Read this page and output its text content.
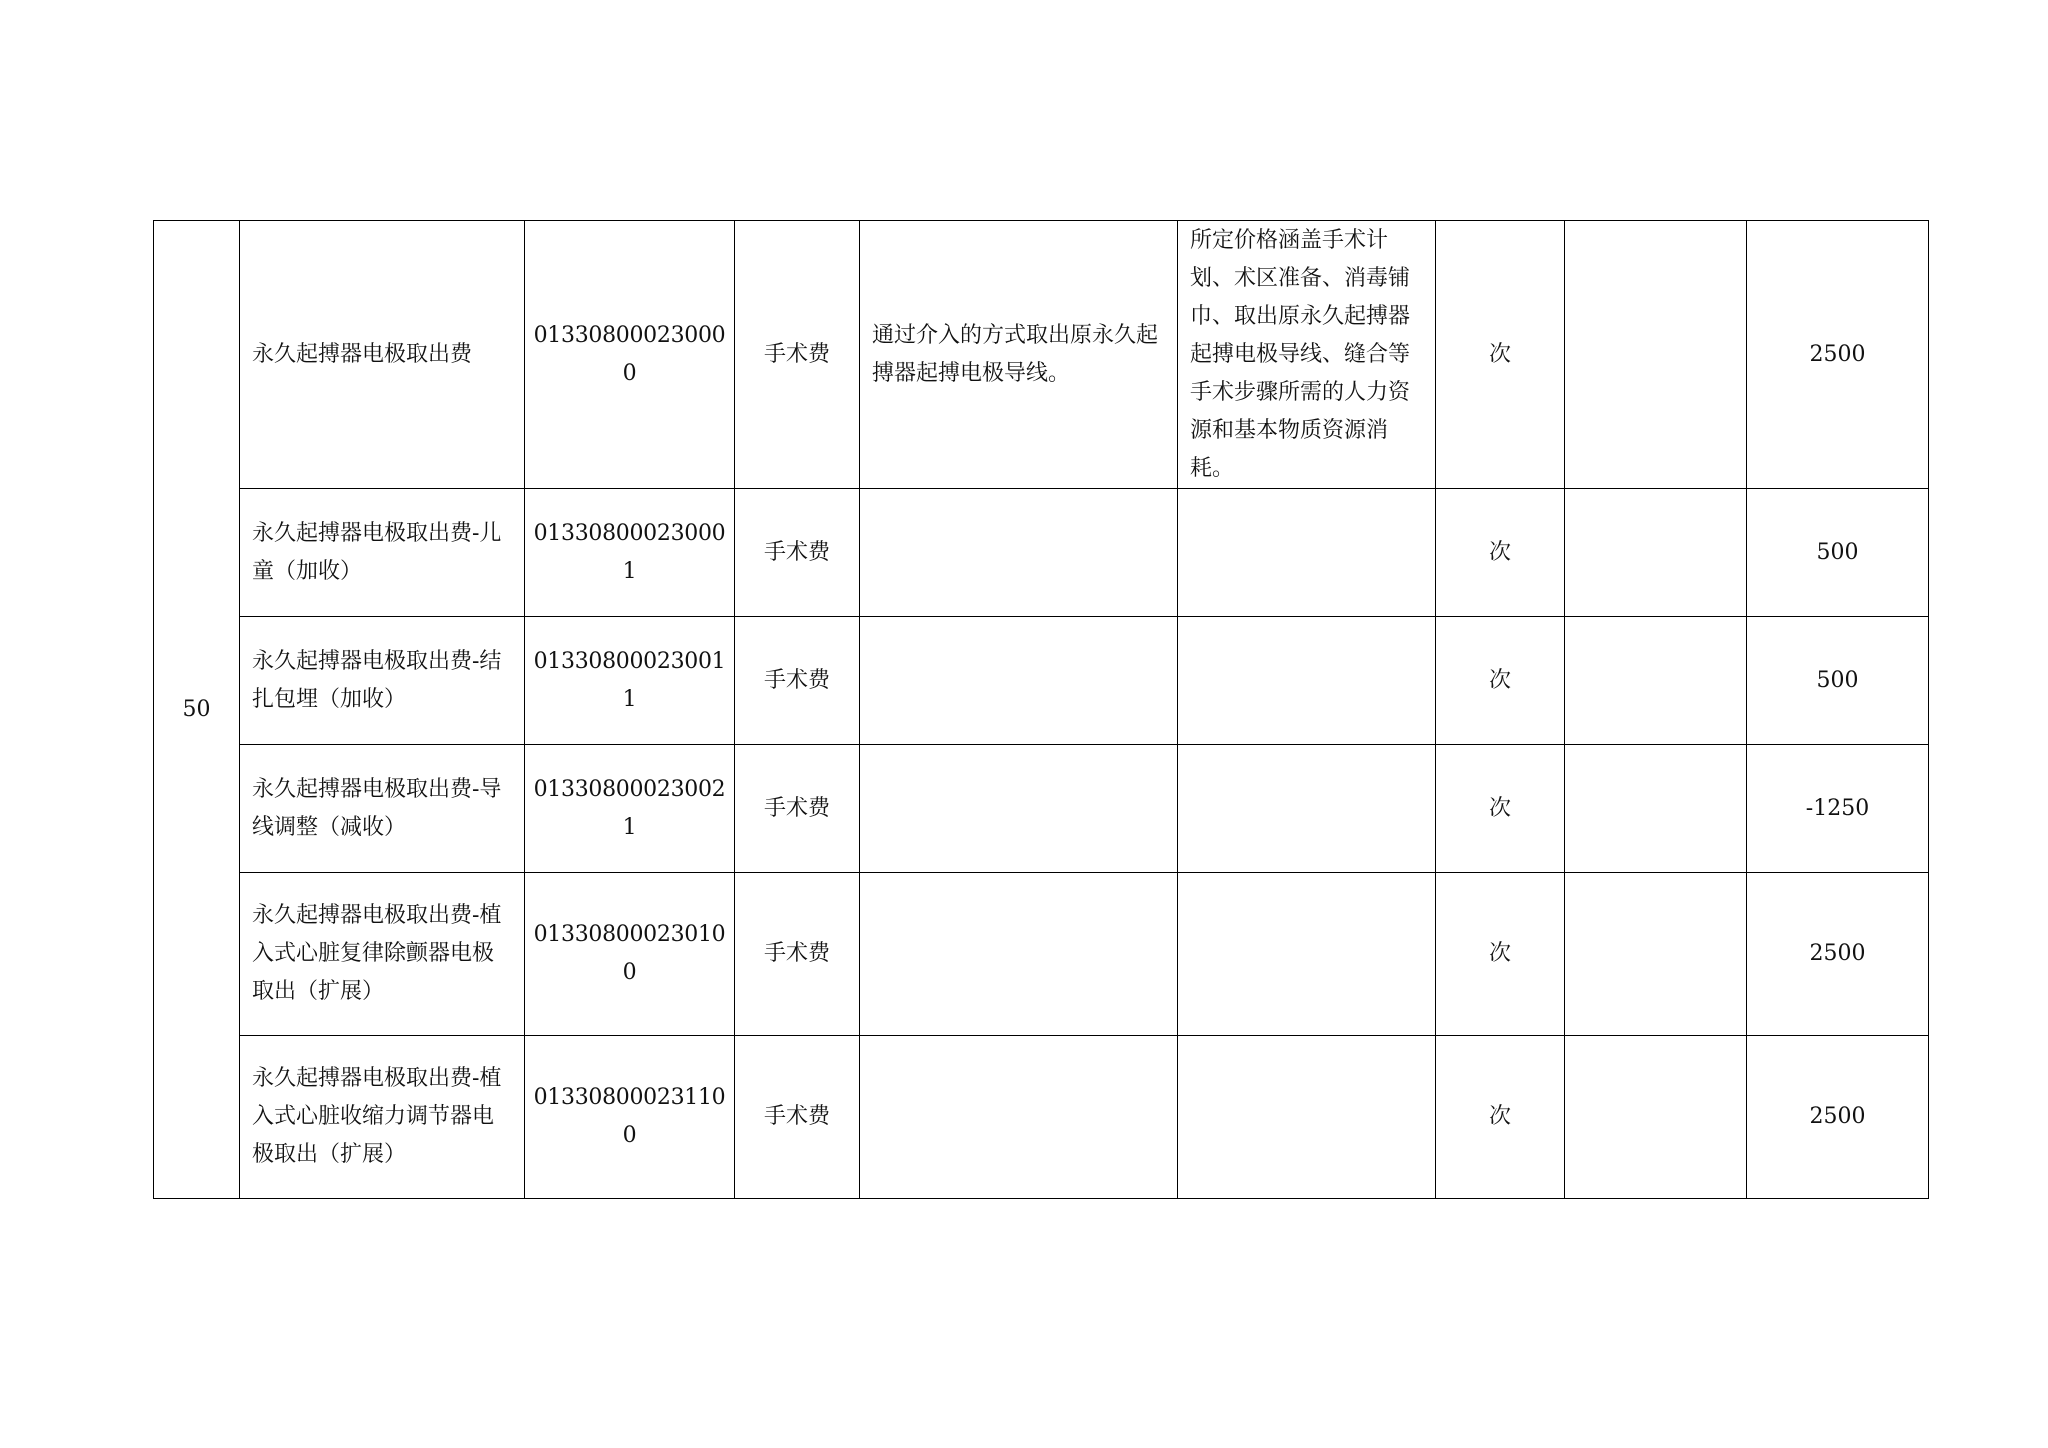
50	永久起搏器电极取出费	013308000230000	手术费	通过介入的方式取出原永久起搏器起搏电极导线。	所定价格涵盖手术计划、术区准备、消毒铺巾、取出原永久起搏器起搏电极导线、缝合等手术步骤所需的人力资源和基本物质资源消耗。	次		2500
	永久起搏器电极取出费-儿童（加收）	013308000230001	手术费			次		500
	永久起搏器电极取出费-结扎包埋（加收）	013308000230011	手术费			次		500
	永久起搏器电极取出费-导线调整（减收）	013308000230021	手术费			次		-1250
	永久起搏器电极取出费-植入式心脏复律除颤器电极取出（扩展）	013308000230100	手术费			次		2500
	永久起搏器电极取出费-植入式心脏收缩力调节器电极取出（扩展）	013308000231100	手术费			次		2500
